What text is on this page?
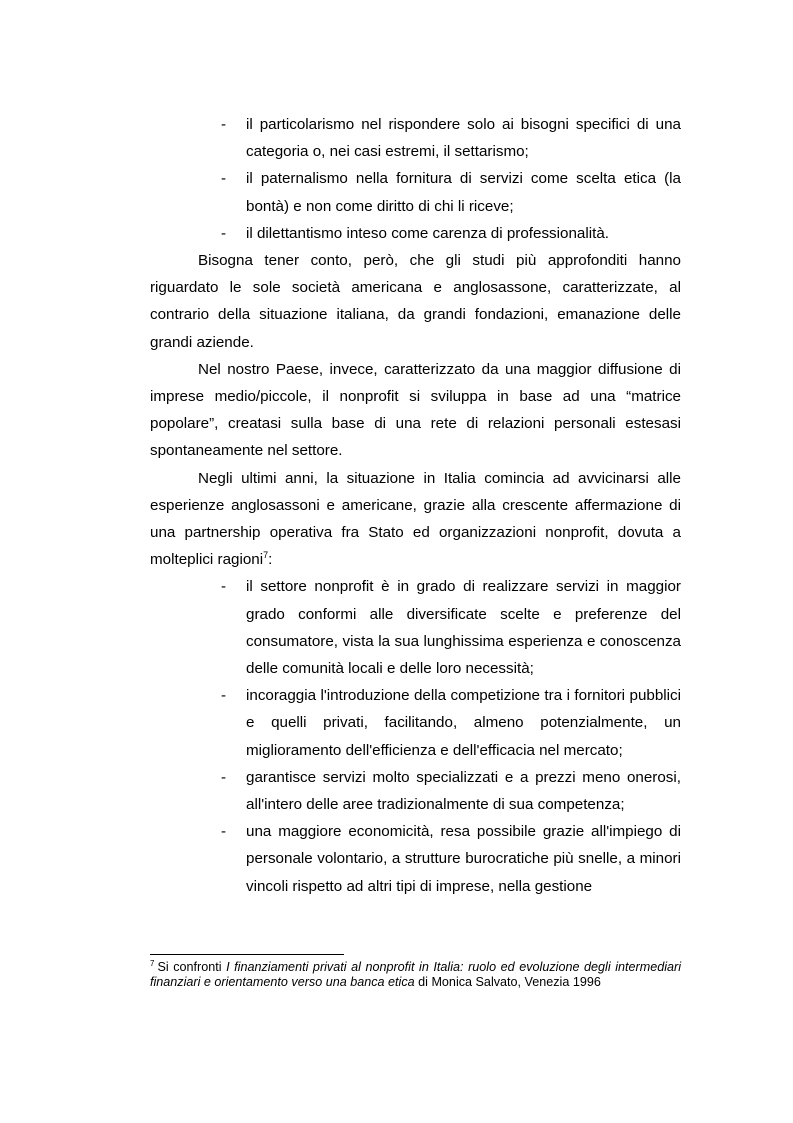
- il particolarismo nel rispondere solo ai bisogni specifici di una categoria o, nei casi estremi, il settarismo;
- il paternalismo nella fornitura di servizi come scelta etica (la bontà) e non come diritto di chi li riceve;
- il dilettantismo inteso come carenza di professionalità.

Bisogna tener conto, però, che gli studi più approfonditi hanno riguardato le sole società americana e anglosassone, caratterizzate, al contrario della situazione italiana, da grandi fondazioni, emanazione delle grandi aziende.

Nel nostro Paese, invece, caratterizzato da una maggior diffusione di imprese medio/piccole, il nonprofit si sviluppa in base ad una “matrice popolare”, creatasi sulla base di una rete di relazioni personali estesasi spontaneamente nel settore.

Negli ultimi anni, la situazione in Italia comincia ad avvicinarsi alle esperienze anglosassoni e americane, grazie alla crescente affermazione di una partnership operativa fra Stato ed organizzazioni nonprofit, dovuta a molteplici ragioni$^7$:

- il settore nonprofit è in grado di realizzare servizi in maggior grado conformi alle diversificate scelte e preferenze del consumatore, vista la sua lunghissima esperienza e conoscenza delle comunità locali e delle loro necessità;
- incoraggia l'introduzione della competizione tra i fornitori pubblici e quelli privati, facilitando, almeno potenzialmente, un miglioramento dell'efficienza e dell'efficacia nel mercato;
- garantisce servizi molto specializzati e a prezzi meno onerosi, all'intero delle aree tradizionalmente di sua competenza;
- una maggiore economicità, resa possibile grazie all'impiego di personale volontario, a strutture burocratiche più snelle, a minori vincoli rispetto ad altri tipi di imprese, nella gestione
$^7$ Si confronti I finanziamenti privati al nonprofit in Italia: ruolo ed evoluzione degli intermediari finanziari e orientamento verso una banca etica di Monica Salvato, Venezia 1996
